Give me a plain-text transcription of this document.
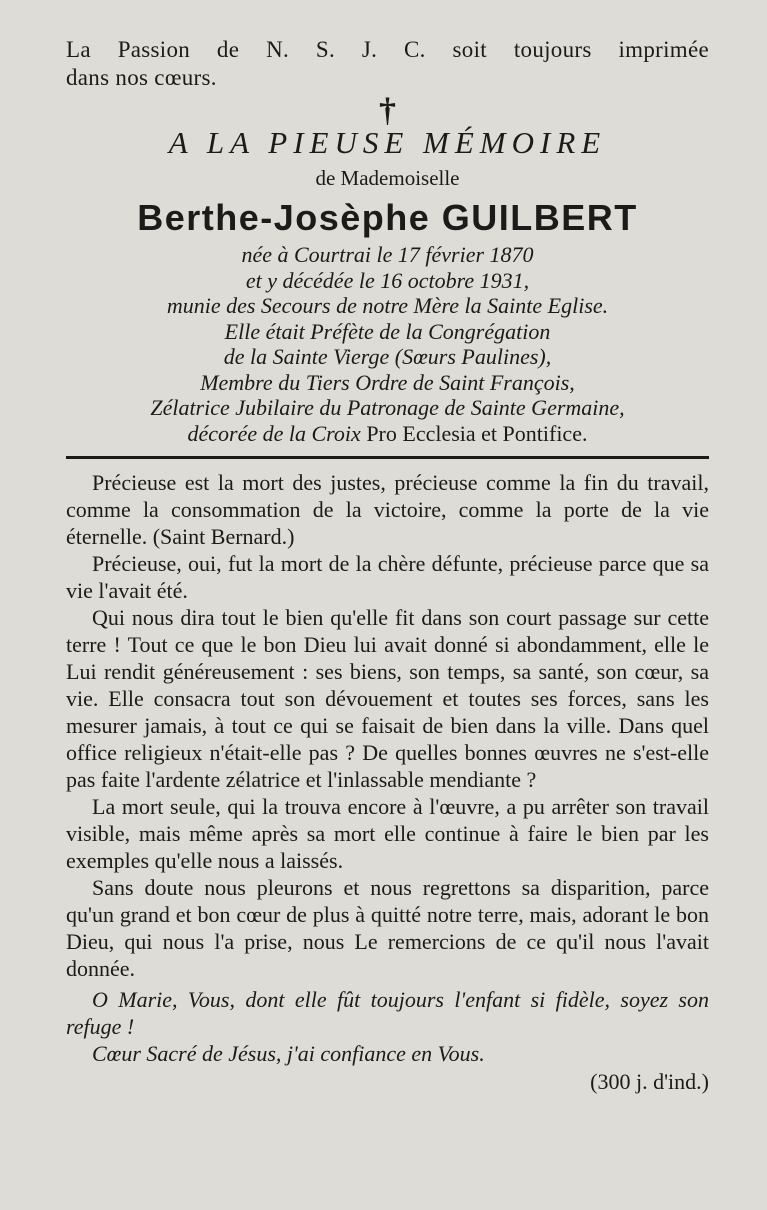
La Passion de N. S. J. C. soit toujours imprimée
dans nos cœurs.
†
A LA PIEUSE MÉMOIRE
de Mademoiselle
Berthe-Josèphe GUILBERT
née à Courtrai le 17 février 1870
et y décédée le 16 octobre 1931,
munie des Secours de notre Mère la Sainte Eglise.
Elle était Préfète de la Congrégation
de la Sainte Vierge (Sœurs Paulines),
Membre du Tiers Ordre de Saint François,
Zélatrice Jubilaire du Patronage de Sainte Germaine,
décorée de la Croix Pro Ecclesia et Pontifice.

Précieuse est la mort des justes, précieuse comme la fin du travail, comme la consommation de la victoire, comme la porte de la vie éternelle. (Saint Bernard.)

Précieuse, oui, fut la mort de la chère défunte, précieuse parce que sa vie l'avait été.

Qui nous dira tout le bien qu'elle fit dans son court passage sur cette terre ! Tout ce que le bon Dieu lui avait donné si abondamment, elle le Lui rendit généreusement : ses biens, son temps, sa santé, son cœur, sa vie. Elle consacra tout son dévouement et toutes ses forces, sans les mesurer jamais, à tout ce qui se faisait de bien dans la ville. Dans quel office religieux n'était-elle pas ? De quelles bonnes œuvres ne s'est-elle pas faite l'ardente zélatrice et l'inlassable mendiante ?

La mort seule, qui la trouva encore à l'œuvre, a pu arrêter son travail visible, mais même après sa mort elle continue à faire le bien par les exemples qu'elle nous a laissés.

Sans doute nous pleurons et nous regrettons sa disparition, parce qu'un grand et bon cœur de plus à quitté notre terre, mais, adorant le bon Dieu, qui nous l'a prise, nous Le remercions de ce qu'il nous l'avait donnée.

O Marie, Vous, dont elle fût toujours l'enfant si fidèle, soyez son refuge !

Cœur Sacré de Jésus, j'ai confiance en Vous.

(300 j. d'ind.)
